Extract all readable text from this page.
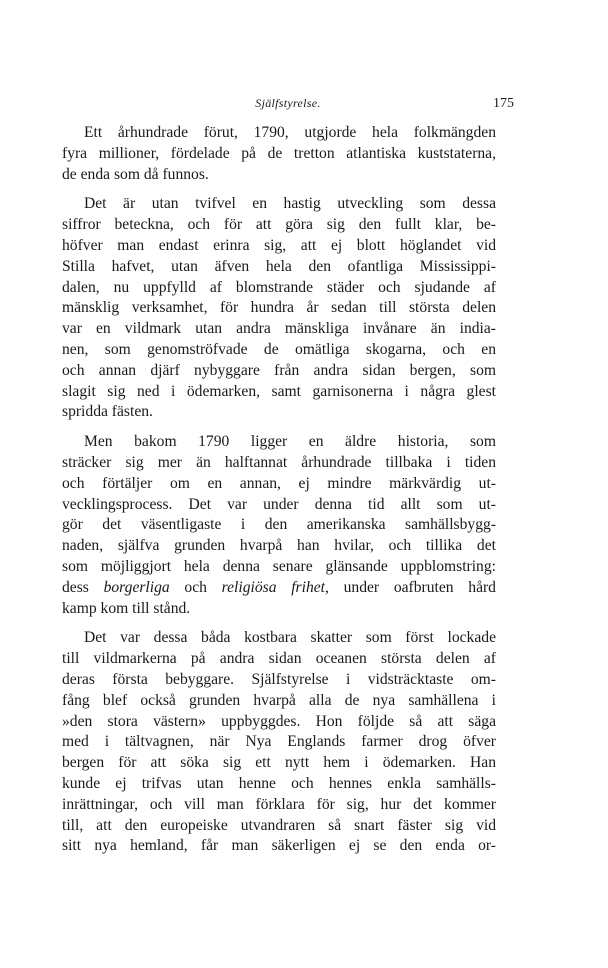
Själfstyrelse.	175
Ett århundrade förut, 1790, utgjorde hela folkmängden
fyra millioner, fördelade på de tretton atlantiska kuststaterna,
de enda som då funnos.
Det är utan tvifvel en hastig utveckling som dessa
siffror beteckna, och för att göra sig den fullt klar, be-
höfver man endast erinra sig, att ej blott höglandet vid
Stilla hafvet, utan äfven hela den ofantliga Mississippi-
dalen, nu uppfylld af blomstrande städer och sjudande af
mänsklig verksamhet, för hundra år sedan till största delen
var en vildmark utan andra mänskliga invånare än india-
nen, som genomströfvade de omätliga skogarna, och en
och annan djärf nybyggare från andra sidan bergen, som
slagit sig ned i ödemarken, samt garnisonerna i några glest
spridda fästen.
Men bakom 1790 ligger en äldre historia, som
sträcker sig mer än halftannat århundrade tillbaka i tiden
och förtäljer om en annan, ej mindre märkvärdig ut-
vecklingsprocess. Det var under denna tid allt som ut-
gör det väsentligaste i den amerikanska samhällsbygg-
naden, själfva grunden hvarpå han hvilar, och tillika det
som möjliggjort hela denna senare glänsande uppblomstring:
dess borgerliga och religiösa frihet, under oafbruten hård
kamp kom till stånd.
Det var dessa båda kostbara skatter som först lockade
till vildmarkerna på andra sidan oceanen största delen af
deras första bebyggare. Själfstyrelse i vidsträcktaste om-
fång blef också grunden hvarpå alla de nya samhällena i
»den stora västern» uppbyggdes. Hon följde så att säga
med i tältvagnen, när Nya Englands farmer drog öfver
bergen för att söka sig ett nytt hem i ödemarken. Han
kunde ej trifvas utan henne och hennes enkla samhälls-
inrättningar, och vill man förklara för sig, hur det kommer
till, att den europeiske utvandraren så snart fäster sig vid
sitt nya hemland, får man säkerligen ej se den enda or-
